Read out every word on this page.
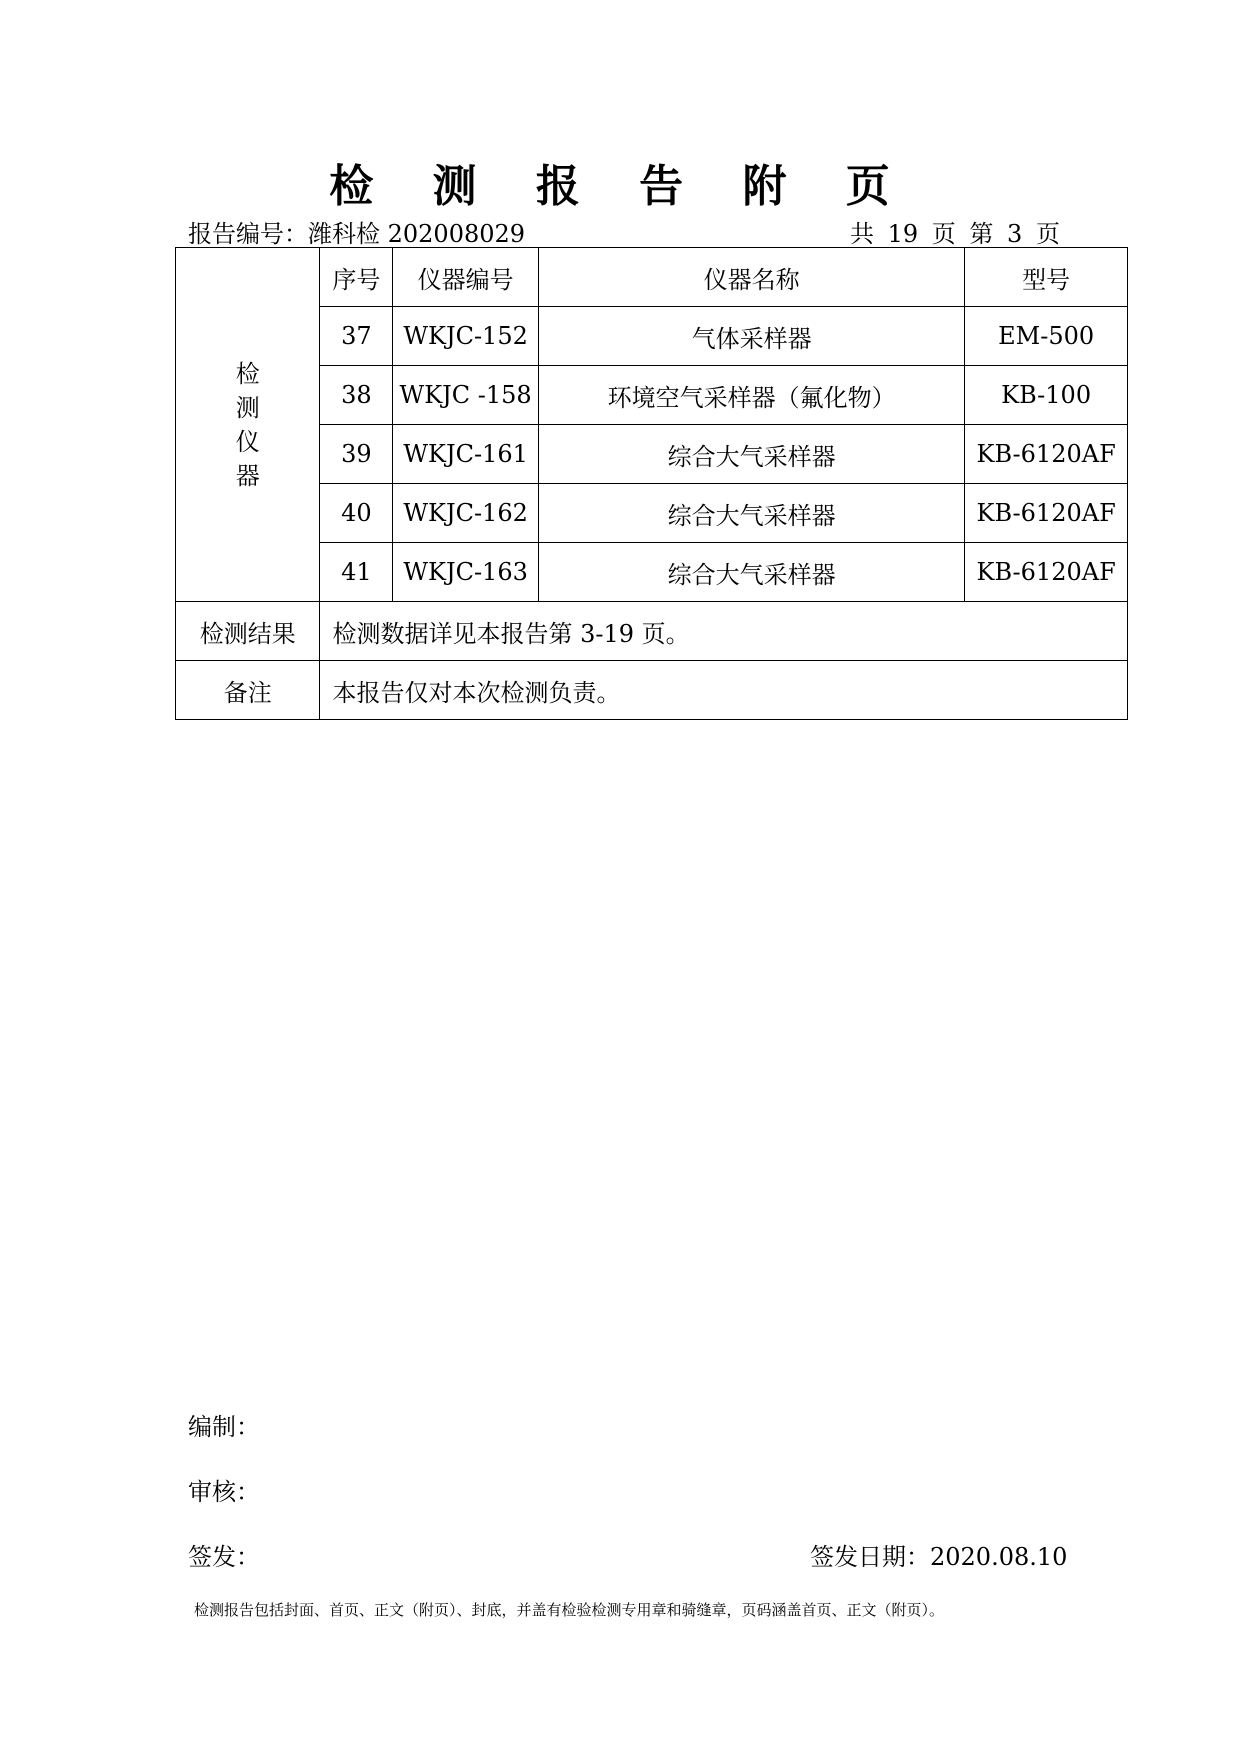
检 测 报 告 附 页
报告编号：潍科检 202008029	共 19 页 第 3 页
检测仪器	序号	仪器编号	仪器名称	型号
	37	WKJC-152	气体采样器	EM-500
	38	WKJC -158	环境空气采样器（氟化物）	KB-100
	39	WKJC-161	综合大气采样器	KB-6120AF
	40	WKJC-162	综合大气采样器	KB-6120AF
	41	WKJC-163	综合大气采样器	KB-6120AF
检测结果	检测数据详见本报告第 3-19 页。			
备注	本报告仅对本次检测负责。			
编制：
审核：
签发：	签发日期：2020.08.10
检测报告包括封面、首页、正文（附页）、封底，并盖有检验检测专用章和骑缝章，页码涵盖首页、正文（附页）。
